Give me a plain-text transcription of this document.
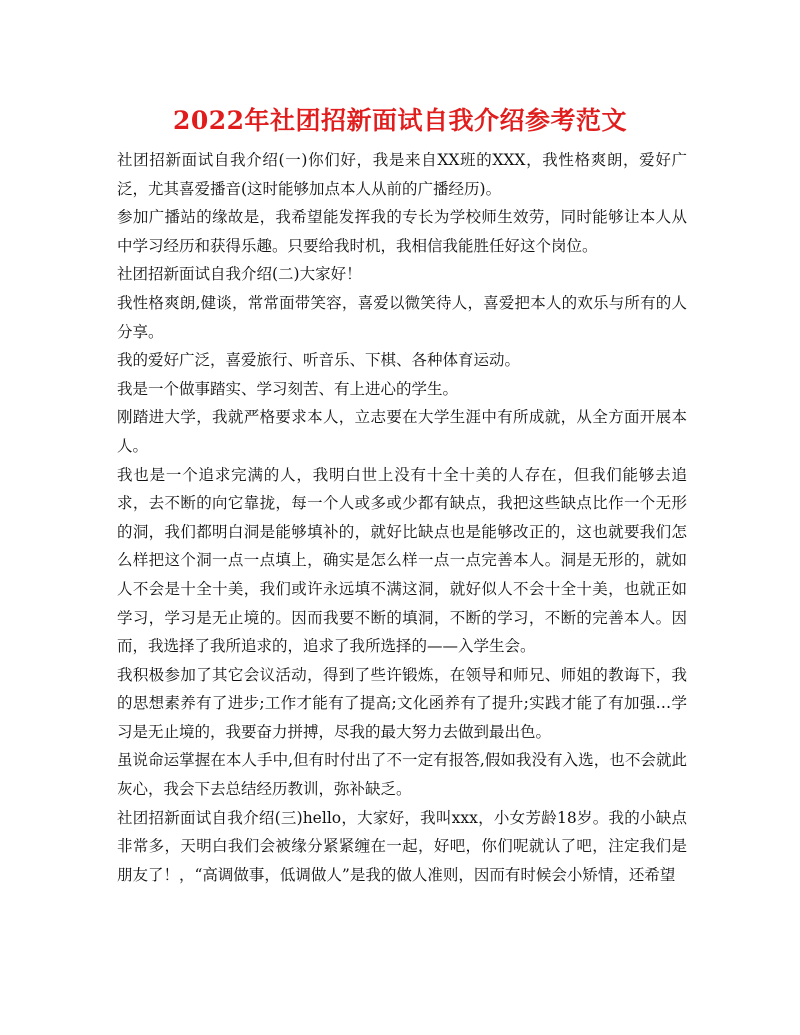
2022年社团招新面试自我介绍参考范文

社团招新面试自我介绍(一)你们好，我是来自XX班的XXX，我性格爽朗，爱好广泛，尤其喜爱播音(这时能够加点本人从前的广播经历)。

参加广播站的缘故是，我希望能发挥我的专长为学校师生效劳，同时能够让本人从中学习经历和获得乐趣。只要给我时机，我相信我能胜任好这个岗位。

社团招新面试自我介绍(二)大家好！

我性格爽朗,健谈，常常面带笑容，喜爱以微笑待人，喜爱把本人的欢乐与所有的人分享。

我的爱好广泛，喜爱旅行、听音乐、下棋、各种体育运动。

我是一个做事踏实、学习刻苦、有上进心的学生。

刚踏进大学，我就严格要求本人，立志要在大学生涯中有所成就，从全方面开展本人。

我也是一个追求完满的人，我明白世上没有十全十美的人存在，但我们能够去追求，去不断的向它靠拢，每一个人或多或少都有缺点，我把这些缺点比作一个无形的洞，我们都明白洞是能够填补的，就好比缺点也是能够改正的，这也就要我们怎么样把这个洞一点一点填上，确实是怎么样一点一点完善本人。洞是无形的，就如人不会是十全十美，我们或许永远填不满这洞，就好似人不会十全十美，也就正如学习，学习是无止境的。因而我要不断的填洞，不断的学习，不断的完善本人。因而，我选择了我所追求的，追求了我所选择的——入学生会。

我积极参加了其它会议活动，得到了些许锻炼，在领导和师兄、师姐的教诲下，我的思想素养有了进步;工作才能有了提高;文化函养有了提升;实践才能了有加强…学习是无止境的，我要奋力拼搏，尽我的最大努力去做到最出色。

虽说命运掌握在本人手中,但有时付出了不一定有报答,假如我没有入选，也不会就此灰心，我会下去总结经历教训，弥补缺乏。

社团招新面试自我介绍(三)hello，大家好，我叫xxx，小女芳龄18岁。我的小缺点非常多，天明白我们会被缘分紧紧缠在一起，好吧，你们呢就认了吧，注定我们是朋友了！，“高调做事，低调做人”是我的做人准则，因而有时候会小矫情，还希望
